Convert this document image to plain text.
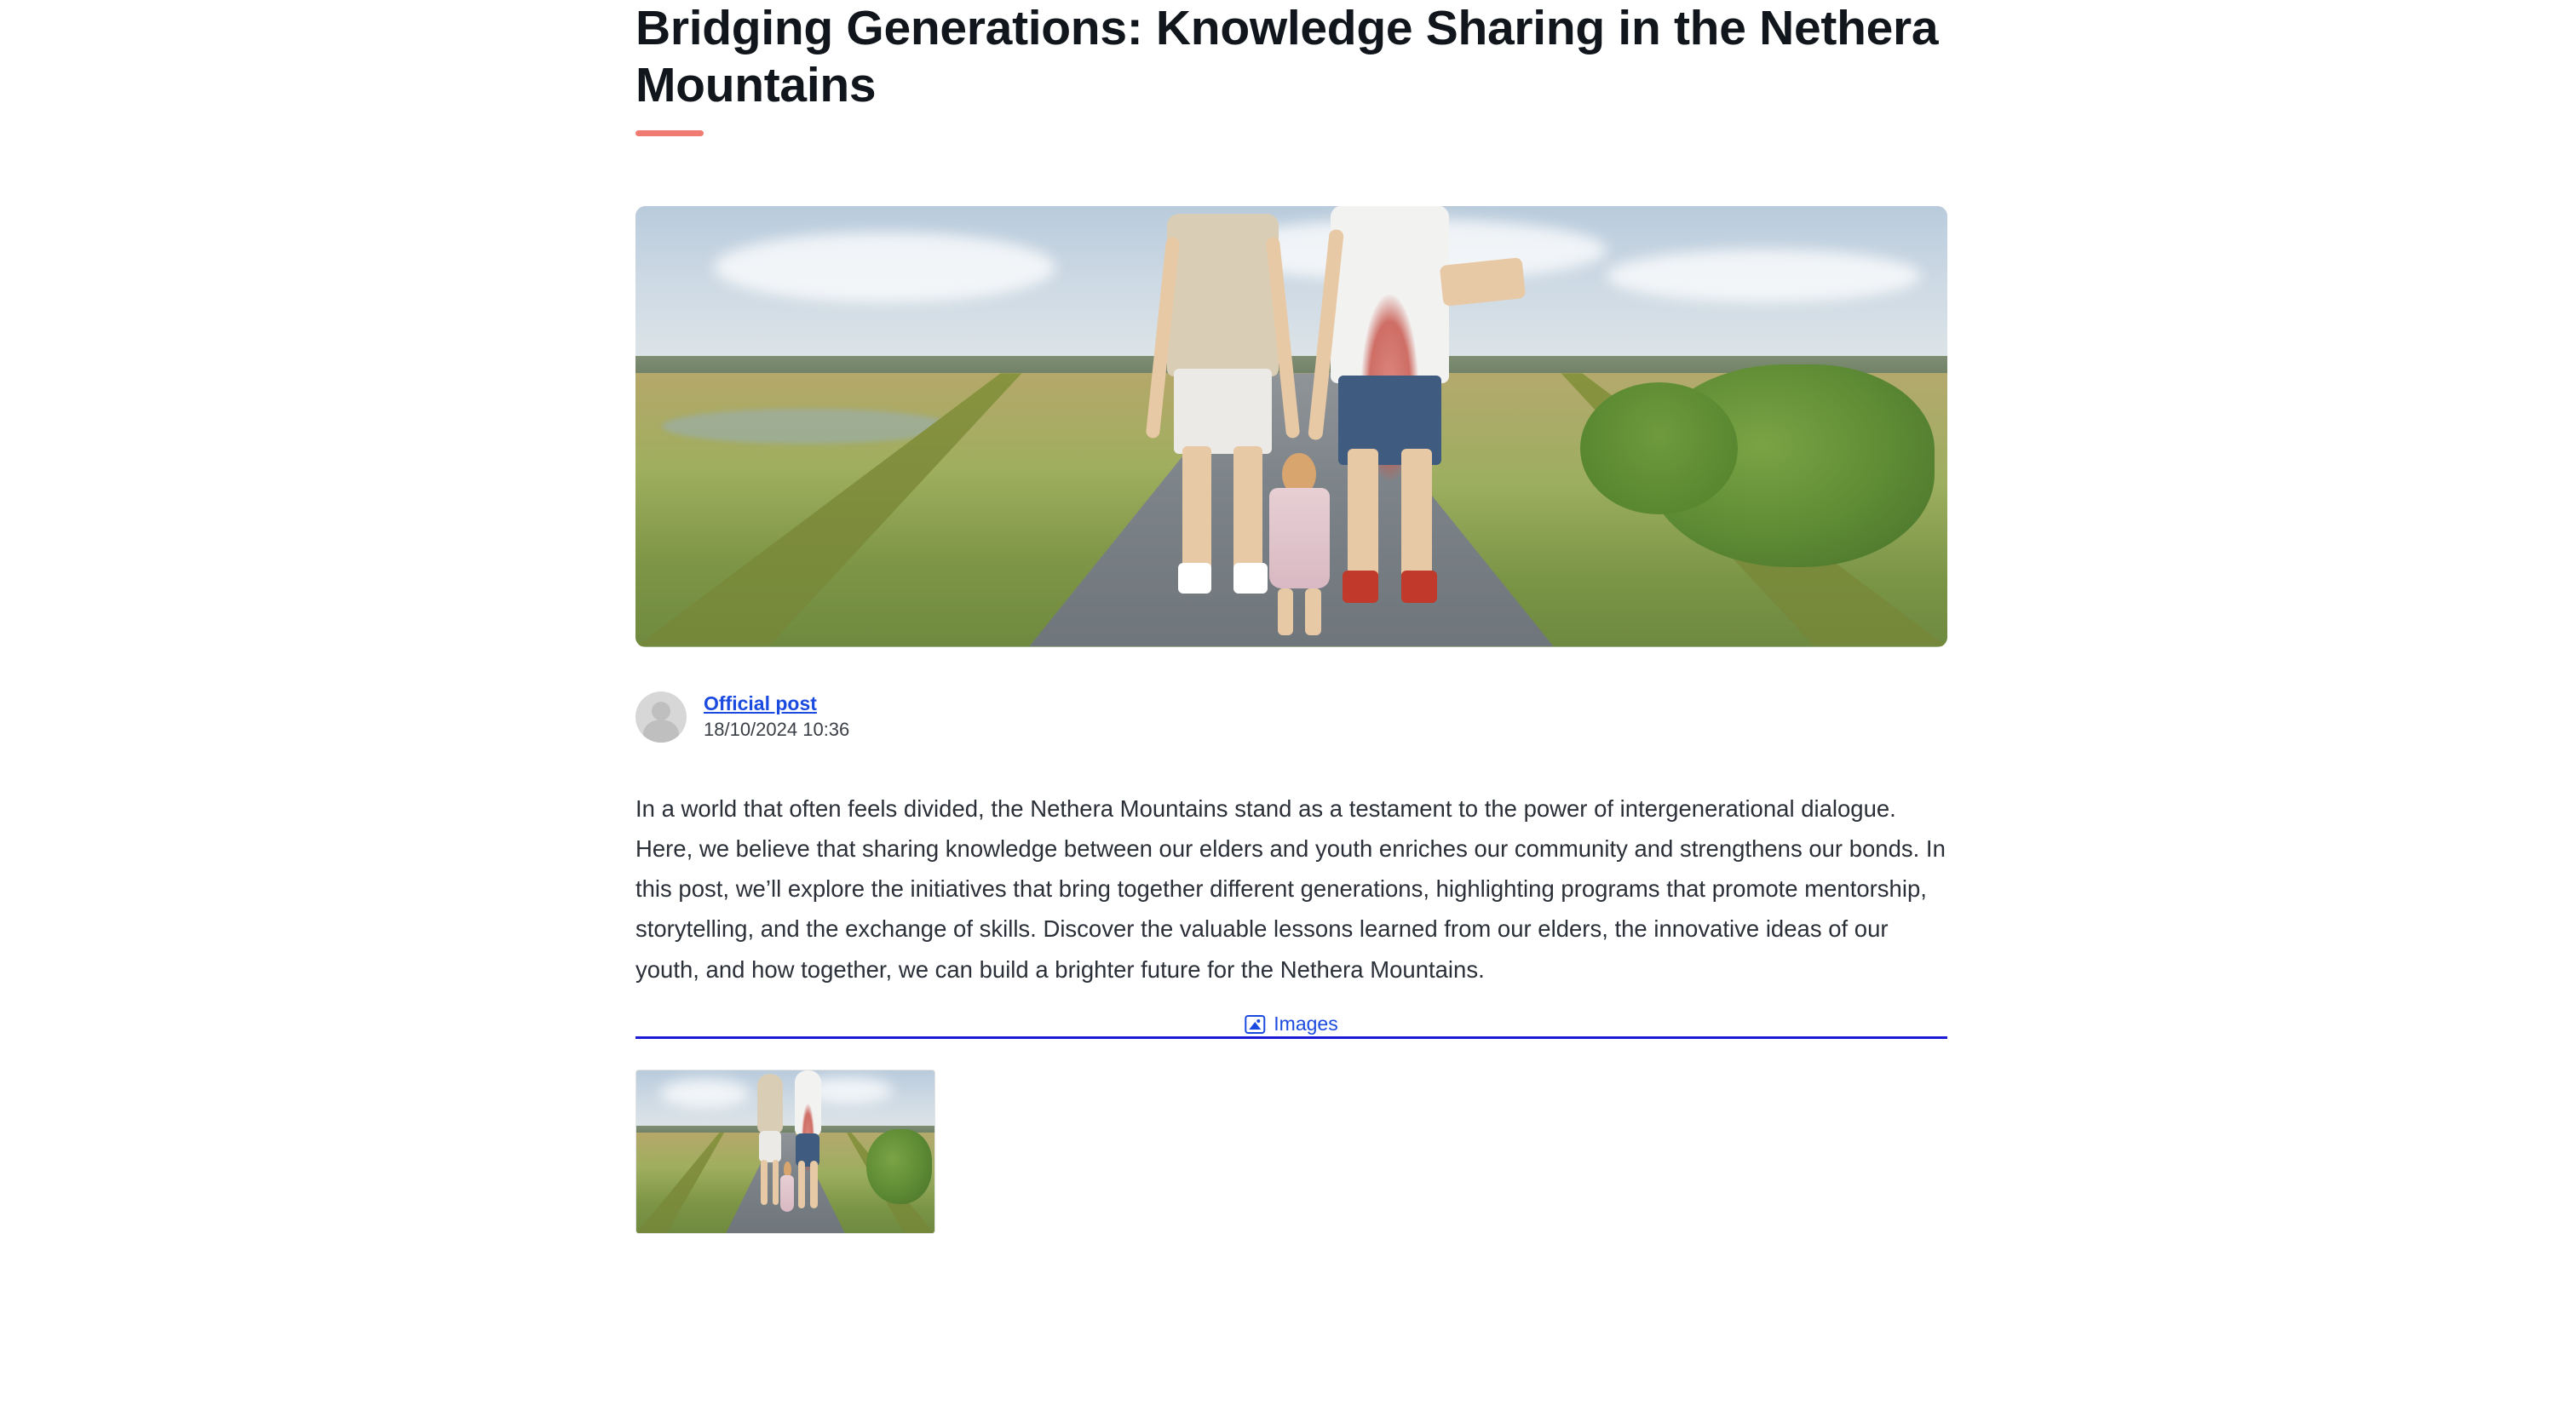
Bridging Generations: Knowledge Sharing in the Nethera Mountains
Official post
18/10/2024 10:36

In a world that often feels divided, the Nethera Mountains stand as a testament to the power of intergenerational dialogue. Here, we believe that sharing knowledge between our elders and youth enriches our community and strengthens our bonds. In this post, we’ll explore the initiatives that bring together different generations, highlighting programs that promote mentorship, storytelling, and the exchange of skills. Discover the valuable lessons learned from our elders, the innovative ideas of our youth, and how together, we can build a brighter future for the Nethera Mountains.

Images
